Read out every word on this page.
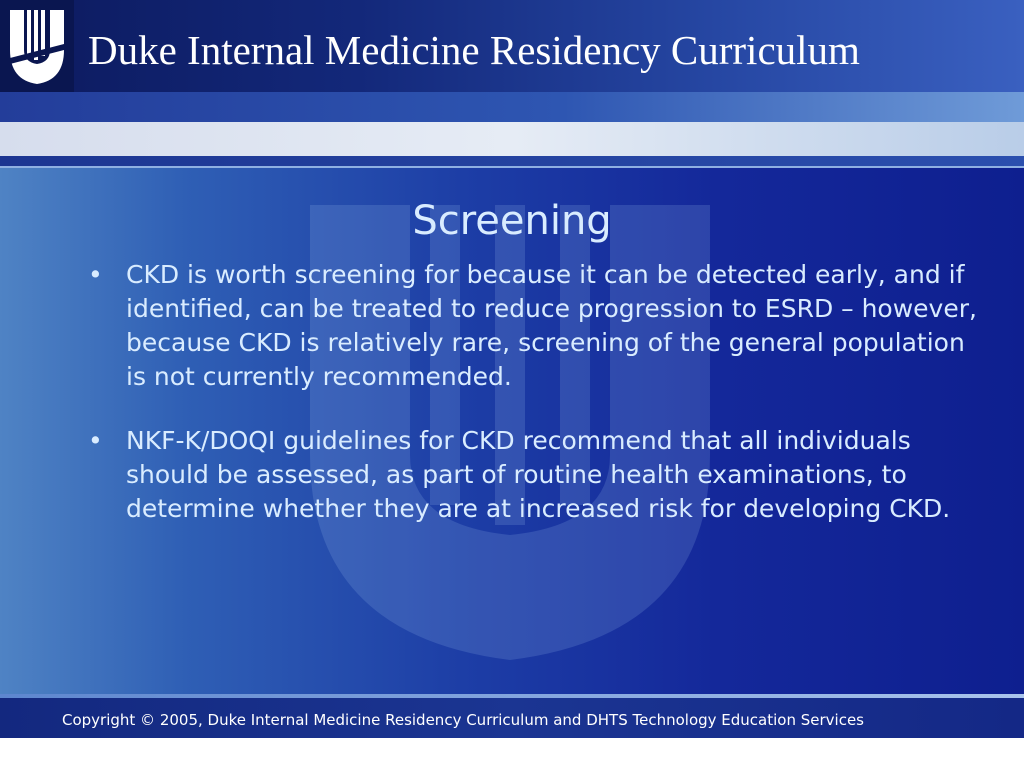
Duke Internal Medicine Residency Curriculum
Screening
• CKD is worth screening for because it can be detected early, and if identified, can be treated to reduce progression to ESRD – however, because CKD is relatively rare, screening of the general population is not currently recommended.
• NKF-K/DOQI guidelines for CKD recommend that all individuals should be assessed, as part of routine health examinations, to determine whether they are at increased risk for developing CKD.
Copyright © 2005, Duke Internal Medicine Residency Curriculum and DHTS Technology Education Services
